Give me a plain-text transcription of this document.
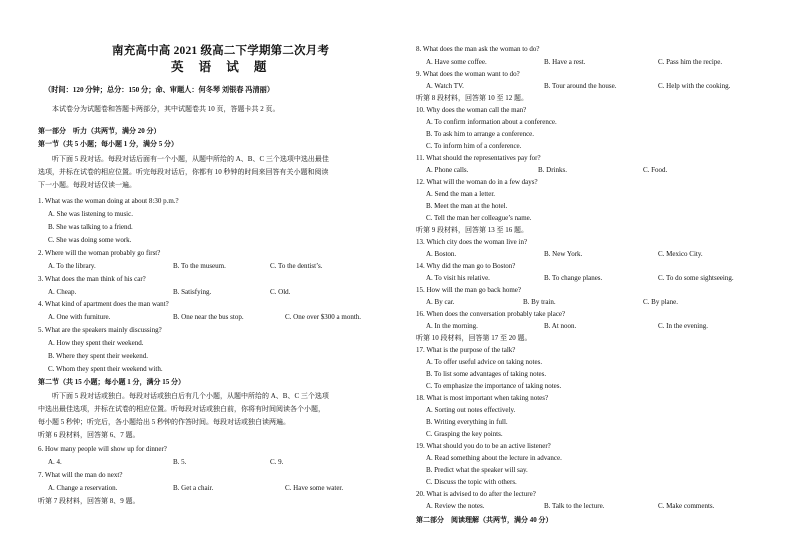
南充高中高 2021 级高二下学期第二次月考
英 语 试 题
（时间：120 分钟；总分：150 分；命、审题人：何冬琴 刘银春 冯清丽）
本试卷分为试题卷和答题卡两部分，其中试题卷共 10 页，答题卡共 2 页。
第一部分　听力（共两节，满分 20 分）
第一节（共 5 小题；每小题 1 分，满分 5 分）
听下面 5 段对话。每段对话后面有一个小题，从题中所给的 A、B、C 三个选项中选出最佳
选项，并标在试卷的相应位置。听完每段对话后，你都有 10 秒钟的时间来回答有关小题和阅读
下一小题。每段对话仅读一遍。
1. What was the woman doing at about 8:30 p.m.?
A. She was listening to music.
B. She was talking to a friend.
C. She was doing some work.
2. Where will the woman probably go first?
A. To the library.	B. To the museum.	C. To the dentist’s.
3. What does the man think of his car?
A. Cheap.	B. Satisfying.	C. Old.
4. What kind of apartment does the man want?
A. One with furniture.	B. One near the bus stop.	C. One over $300 a month.
5. What are the speakers mainly discussing?
A. How they spent their weekend.
B. Where they spent their weekend.
C. Whom they spent their weekend with.
第二节（共 15 小题；每小题 1 分，满分 15 分）
听下面 5 段对话或独白。每段对话或独白后有几个小题，从题中所给的 A、B、C 三个选项
中选出最佳选项，并标在试卷的相应位置。听每段对话或独白前，你将有时间阅读各个小题，
每小题 5 秒钟；听完后，各小题给出 5 秒钟的作答时间。每段对话或独白读两遍。
听第 6 段材料，回答第 6、7 题。
6. How many people will show up for dinner?
A. 4.	B. 5.	C. 9.
7. What will the man do next?
A. Change a reservation.	B. Get a chair.	C. Have some water.
听第 7 段材料，回答第 8、9 题。
8. What does the man ask the woman to do?
A. Have some coffee.	B. Have a rest.	C. Pass him the recipe.
9. What does the woman want to do?
A. Watch TV.	B. Tour around the house.	C. Help with the cooking.
听第 8 段材料，回答第 10 至 12 题。
10. Why does the woman call the man?
A. To confirm information about a conference.
B. To ask him to arrange a conference.
C. To inform him of a conference.
11. What should the representatives pay for?
A. Phone calls.	B. Drinks.	C. Food.
12. What will the woman do in a few days?
A. Send the man a letter.
B. Meet the man at the hotel.
C. Tell the man her colleague’s name.
听第 9 段材料，回答第 13 至 16 题。
13. Which city does the woman live in?
A. Boston.	B. New York.	C. Mexico City.
14. Why did the man go to Boston?
A. To visit his relative.	B. To change planes.	C. To do some sightseeing.
15. How will the man go back home?
A. By car.	B. By train.	C. By plane.
16. When does the conversation probably take place?
A. In the morning.	B. At noon.	C. In the evening.
听第 10 段材料，回答第 17 至 20 题。
17. What is the purpose of the talk?
A. To offer useful advice on taking notes.
B. To list some advantages of taking notes.
C. To emphasize the importance of taking notes.
18. What is most important when taking notes?
A. Sorting out notes effectively.
B. Writing everything in full.
C. Grasping the key points.
19. What should you do to be an active listener?
A. Read something about the lecture in advance.
B. Predict what the speaker will say.
C. Discuss the topic with others.
20. What is advised to do after the lecture?
A. Review the notes.	B. Talk to the lecture.	C. Make comments.
第二部分　阅读理解（共两节，满分 40 分）
